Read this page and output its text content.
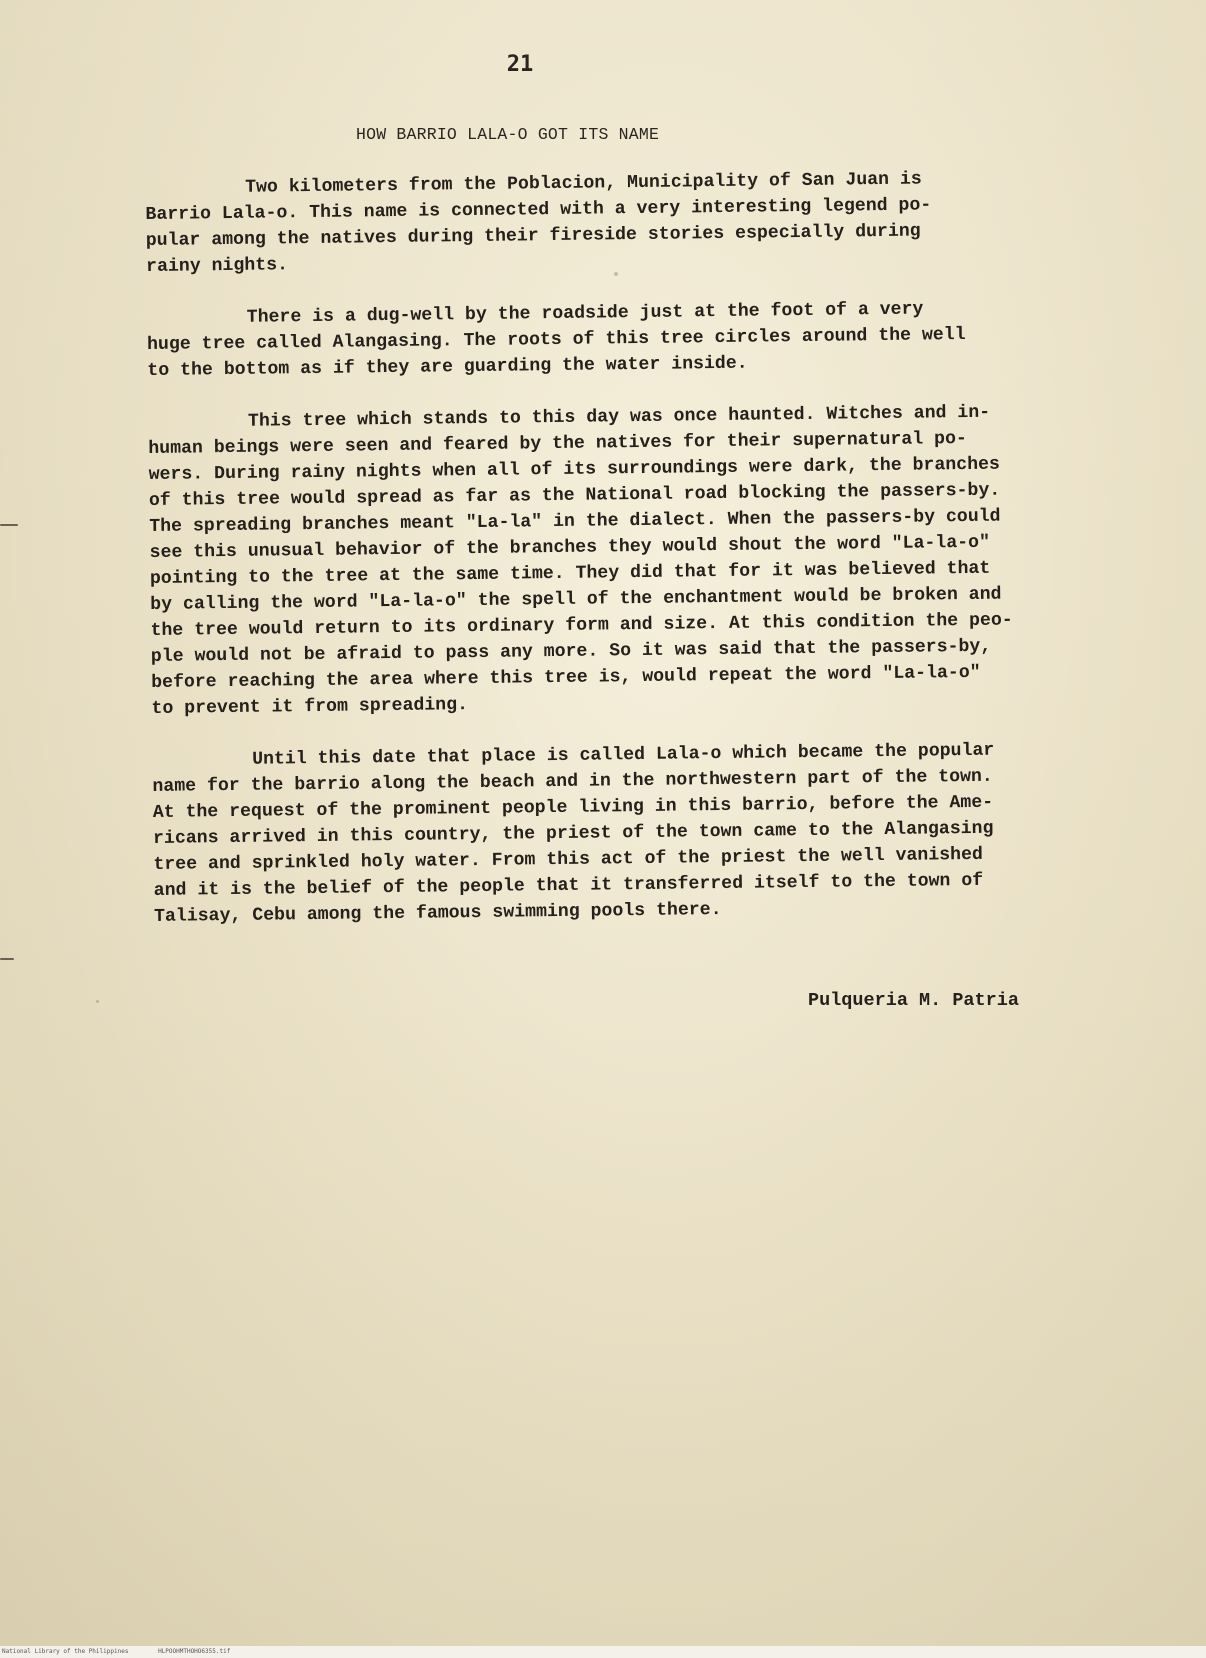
21
HOW BARRIO LALA-O GOT ITS NAME

Two kilometers from the Poblacion, Municipality of San Juan is
Barrio Lala-o. This name is connected with a very interesting legend po-
pular among the natives during their fireside stories especially during
rainy nights.

There is a dug-well by the roadside just at the foot of a very
huge tree called Alangasing. The roots of this tree circles around the well
to the bottom as if they are guarding the water inside.

This tree which stands to this day was once haunted. Witches and in-
human beings were seen and feared by the natives for their supernatural po-
wers. During rainy nights when all of its surroundings were dark, the branches
of this tree would spread as far as the National road blocking the passers-by.
The spreading branches meant "La-la" in the dialect. When the passers-by could
see this unusual behavior of the branches they would shout the word "La-la-o"
pointing to the tree at the same time. They did that for it was believed that
by calling the word "La-la-o" the spell of the enchantment would be broken and
the tree would return to its ordinary form and size. At this condition the peo-
ple would not be afraid to pass any more. So it was said that the passers-by,
before reaching the area where this tree is, would repeat the word "La-la-o"
to prevent it from spreading.

Until this date that place is called Lala-o which became the popular
name for the barrio along the beach and in the northwestern part of the town.
At the request of the prominent people living in this barrio, before the Ame-
ricans arrived in this country, the priest of the town came to the Alangasing
tree and sprinkled holy water. From this act of the priest the well vanished
and it is the belief of the people that it transferred itself to the town of
Talisay, Cebu among the famous swimming pools there.

Pulqueria M. Patria
National Library of the Philippines	HLPOOHMTHOHO6355.tif
